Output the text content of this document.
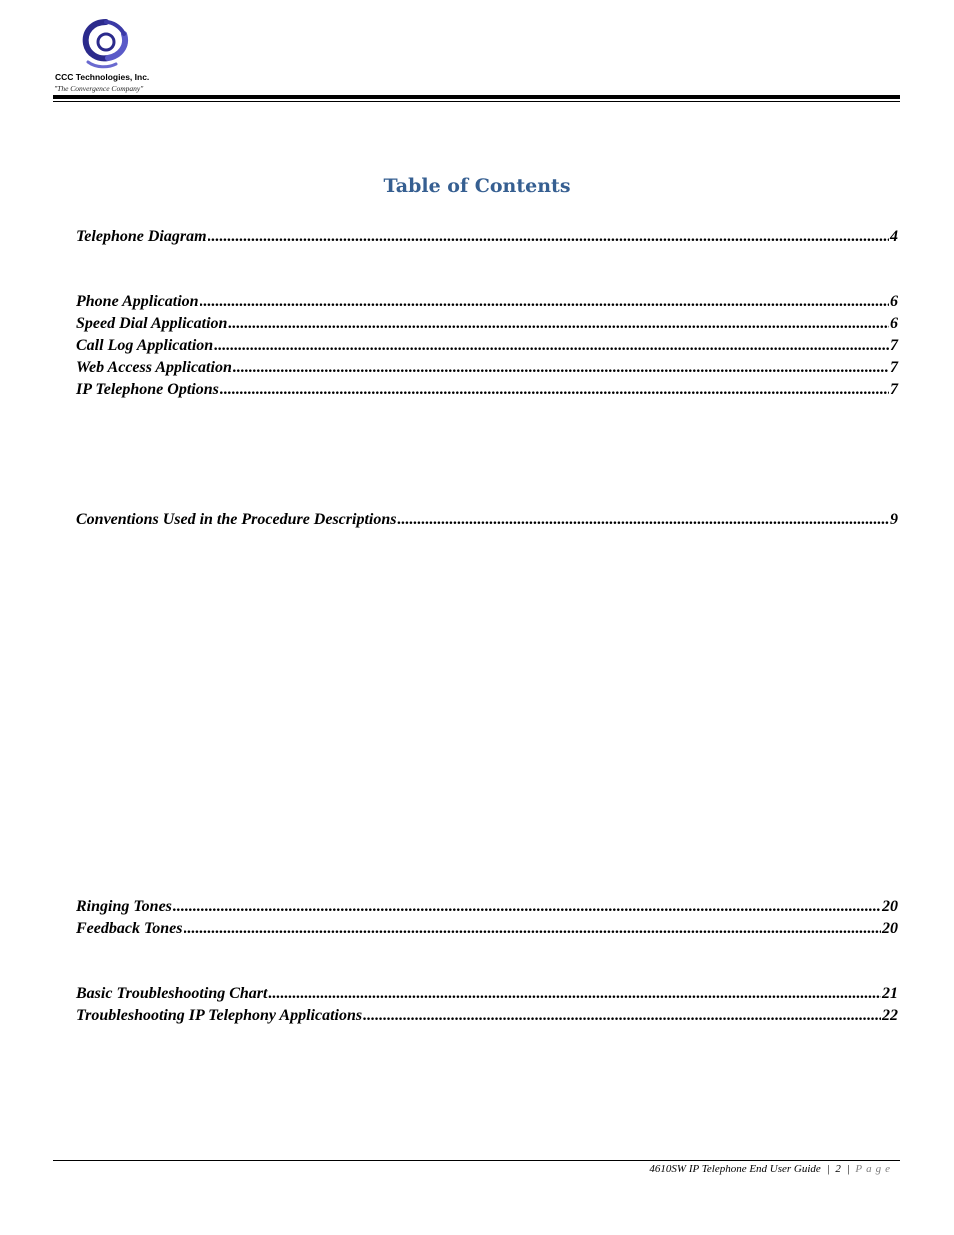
CCC Technologies, Inc.
"The Convergence Company"
Table of Contents
Telephone Diagram .....	4
Phone Application .....	6
Speed Dial Application .....	6
Call Log Application .....	7
Web Access Application .....	7
IP Telephone Options .....	7
Conventions Used in the Procedure Descriptions .....	9
Ringing Tones .....	20
Feedback Tones .....	20
Basic Troubleshooting Chart .....	21
Troubleshooting IP Telephony Applications .....	22
4610SW IP Telephone End User Guide | 2 | Page
